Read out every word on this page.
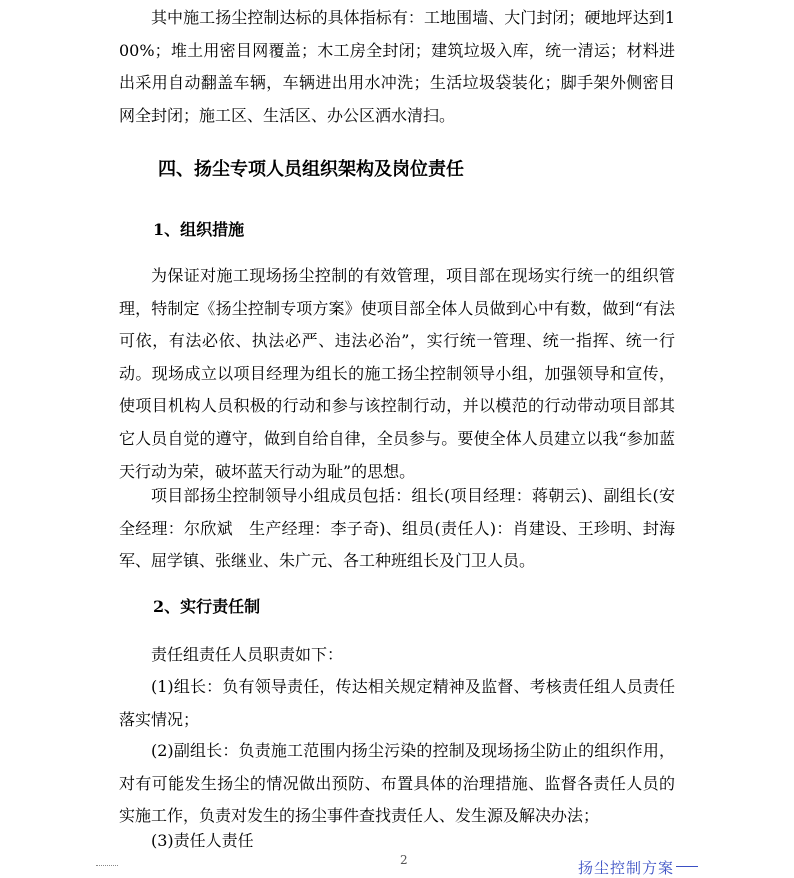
其中施工扬尘控制达标的具体指标有：工地围墙、大门封闭；硬地坪达到100%；堆土用密目网覆盖；木工房全封闭；建筑垃圾入库，统一清运；材料进出采用自动翻盖车辆，车辆进出用水冲洗；生活垃圾袋装化；脚手架外侧密目网全封闭；施工区、生活区、办公区洒水清扫。

四、扬尘专项人员组织架构及岗位责任
1、组织措施

为保证对施工现场扬尘控制的有效管理，项目部在现场实行统一的组织管理，特制定《扬尘控制专项方案》使项目部全体人员做到心中有数，做到“有法可依，有法必依、执法必严、违法必治”，实行统一管理、统一指挥、统一行动。现场成立以项目经理为组长的施工扬尘控制领导小组，加强领导和宣传，使项目机构人员积极的行动和参与该控制行动，并以模范的行动带动项目部其它人员自觉的遵守，做到自给自律，全员参与。要使全体人员建立以我“参加蓝天行动为荣，破坏蓝天行动为耻”的思想。

项目部扬尘控制领导小组成员包括：组长(项目经理：蒋朝云)、副组长(安全经理：尔欣斌　生产经理：李子奇)、组员(责任人)：肖建设、王珍明、封海军、屈学镇、张继业、朱广元、各工种班组长及门卫人员。

2、实行责任制

责任组责任人员职责如下：

(1)组长：负有领导责任，传达相关规定精神及监督、考核责任组人员责任落实情况；

(2)副组长：负责施工范围内扬尘污染的控制及现场扬尘防止的组织作用，对有可能发生扬尘的情况做出预防、布置具体的治理措施、监督各责任人员的实施工作，负责对发生的扬尘事件查找责任人、发生源及解决办法；

(3)责任人责任

2	扬尘控制方案
